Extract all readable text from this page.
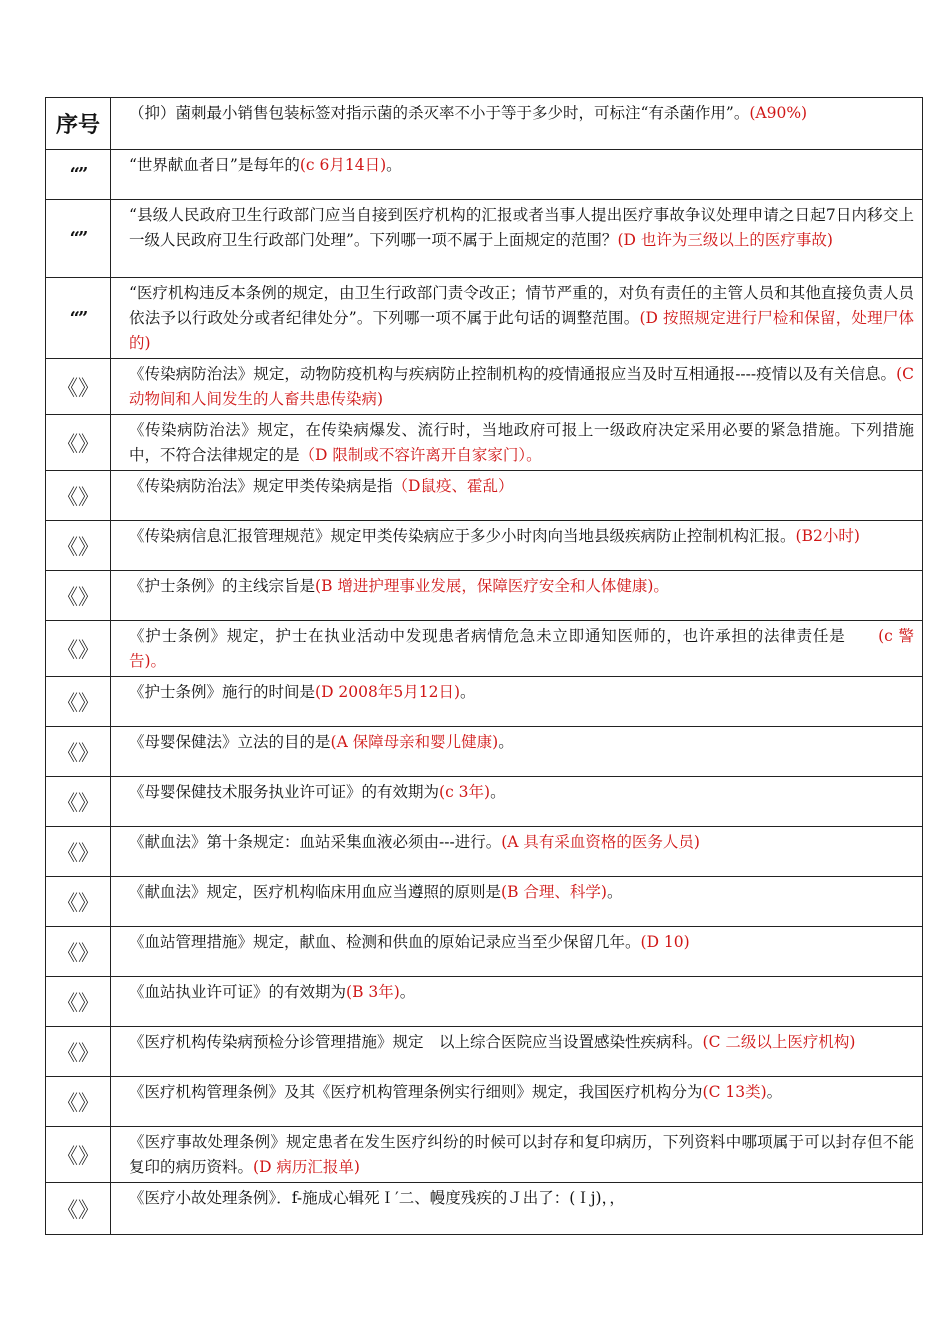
序号	（抑）菌刺最小销售包装标签对指示菌的杀灭率不小于等于多少时，可标注“有杀菌作用”。(A90%)
“”	“世界献血者日”是每年的(c 6月14日)。
“”	“县级人民政府卫生行政部门应当自接到医疗机构的汇报或者当事人提出医疗事故争议处理申请之日起7日内移交上一级人民政府卫生行政部门处理”。下列哪一项不属于上面规定的范围？(D 也许为三级以上的医疗事故)
“”	“医疗机构违反本条例的规定，由卫生行政部门责令改正；情节严重的，对负有责任的主管人员和其他直接负责人员依法予以行政处分或者纪律处分”。下列哪一项不属于此句话的调整范围。(D 按照规定进行尸检和保留，处理尸体的)
《》	《传染病防治法》规定，动物防疫机构与疾病防止控制机构的疫情通报应当及时互相通报----疫情以及有关信息。(C动物间和人间发生的人畜共患传染病)
《》	《传染病防治法》规定，在传染病爆发、流行时，当地政府可报上一级政府决定采用必要的紧急措施。下列措施中，不符合法律规定的是（D 限制或不容许离开自家家门）。
《》	《传染病防治法》规定甲类传染病是指（D鼠疫、霍乱）
《》	《传染病信息汇报管理规范》规定甲类传染病应于多少小时肉向当地县级疾病防止控制机构汇报。(B2小时)
《》	《护士条例》的主线宗旨是(B 增进护理事业发展，保障医疗安全和人体健康)。
《》	《护士条例》规定，护士在执业活动中发现患者病情危急未立即通知医师的，也许承担的法律责任是　　(c 警告)。
《》	《护士条例》施行的时间是(D 2008年5月12日)。
《》	《母婴保健法》立法的目的是(A 保障母亲和婴儿健康)。
《》	《母婴保健技术服务执业许可证》的有效期为(c 3年)。
《》	《献血法》第十条规定：血站采集血液必须由---进行。(A 具有采血资格的医务人员)
《》	《献血法》规定，医疗机构临床用血应当遵照的原则是(B 合理、科学)。
《》	《血站管理措施》规定，献血、检测和供血的原始记录应当至少保留几年。(D 10)
《》	《血站执业许可证》的有效期为(B 3年)。
《》	《医疗机构传染病预检分诊管理措施》规定　以上综合医院应当设置感染性疾病科。(C 二级以上医疗机构)
《》	《医疗机构管理条例》及其《医疗机构管理条例实行细则》规定，我国医疗机构分为(C 13类)。
《》	《医疗事故处理条例》规定患者在发生医疗纠纷的时候可以封存和复印病历，下列资料中哪项属于可以封存但不能复印的病历资料。(D 病历汇报单)
《》	《医疗小故处理条例》．f-施成心辑死Ｉ′二、幔度残疾的Ｊ出了：(Ｉj)，，
